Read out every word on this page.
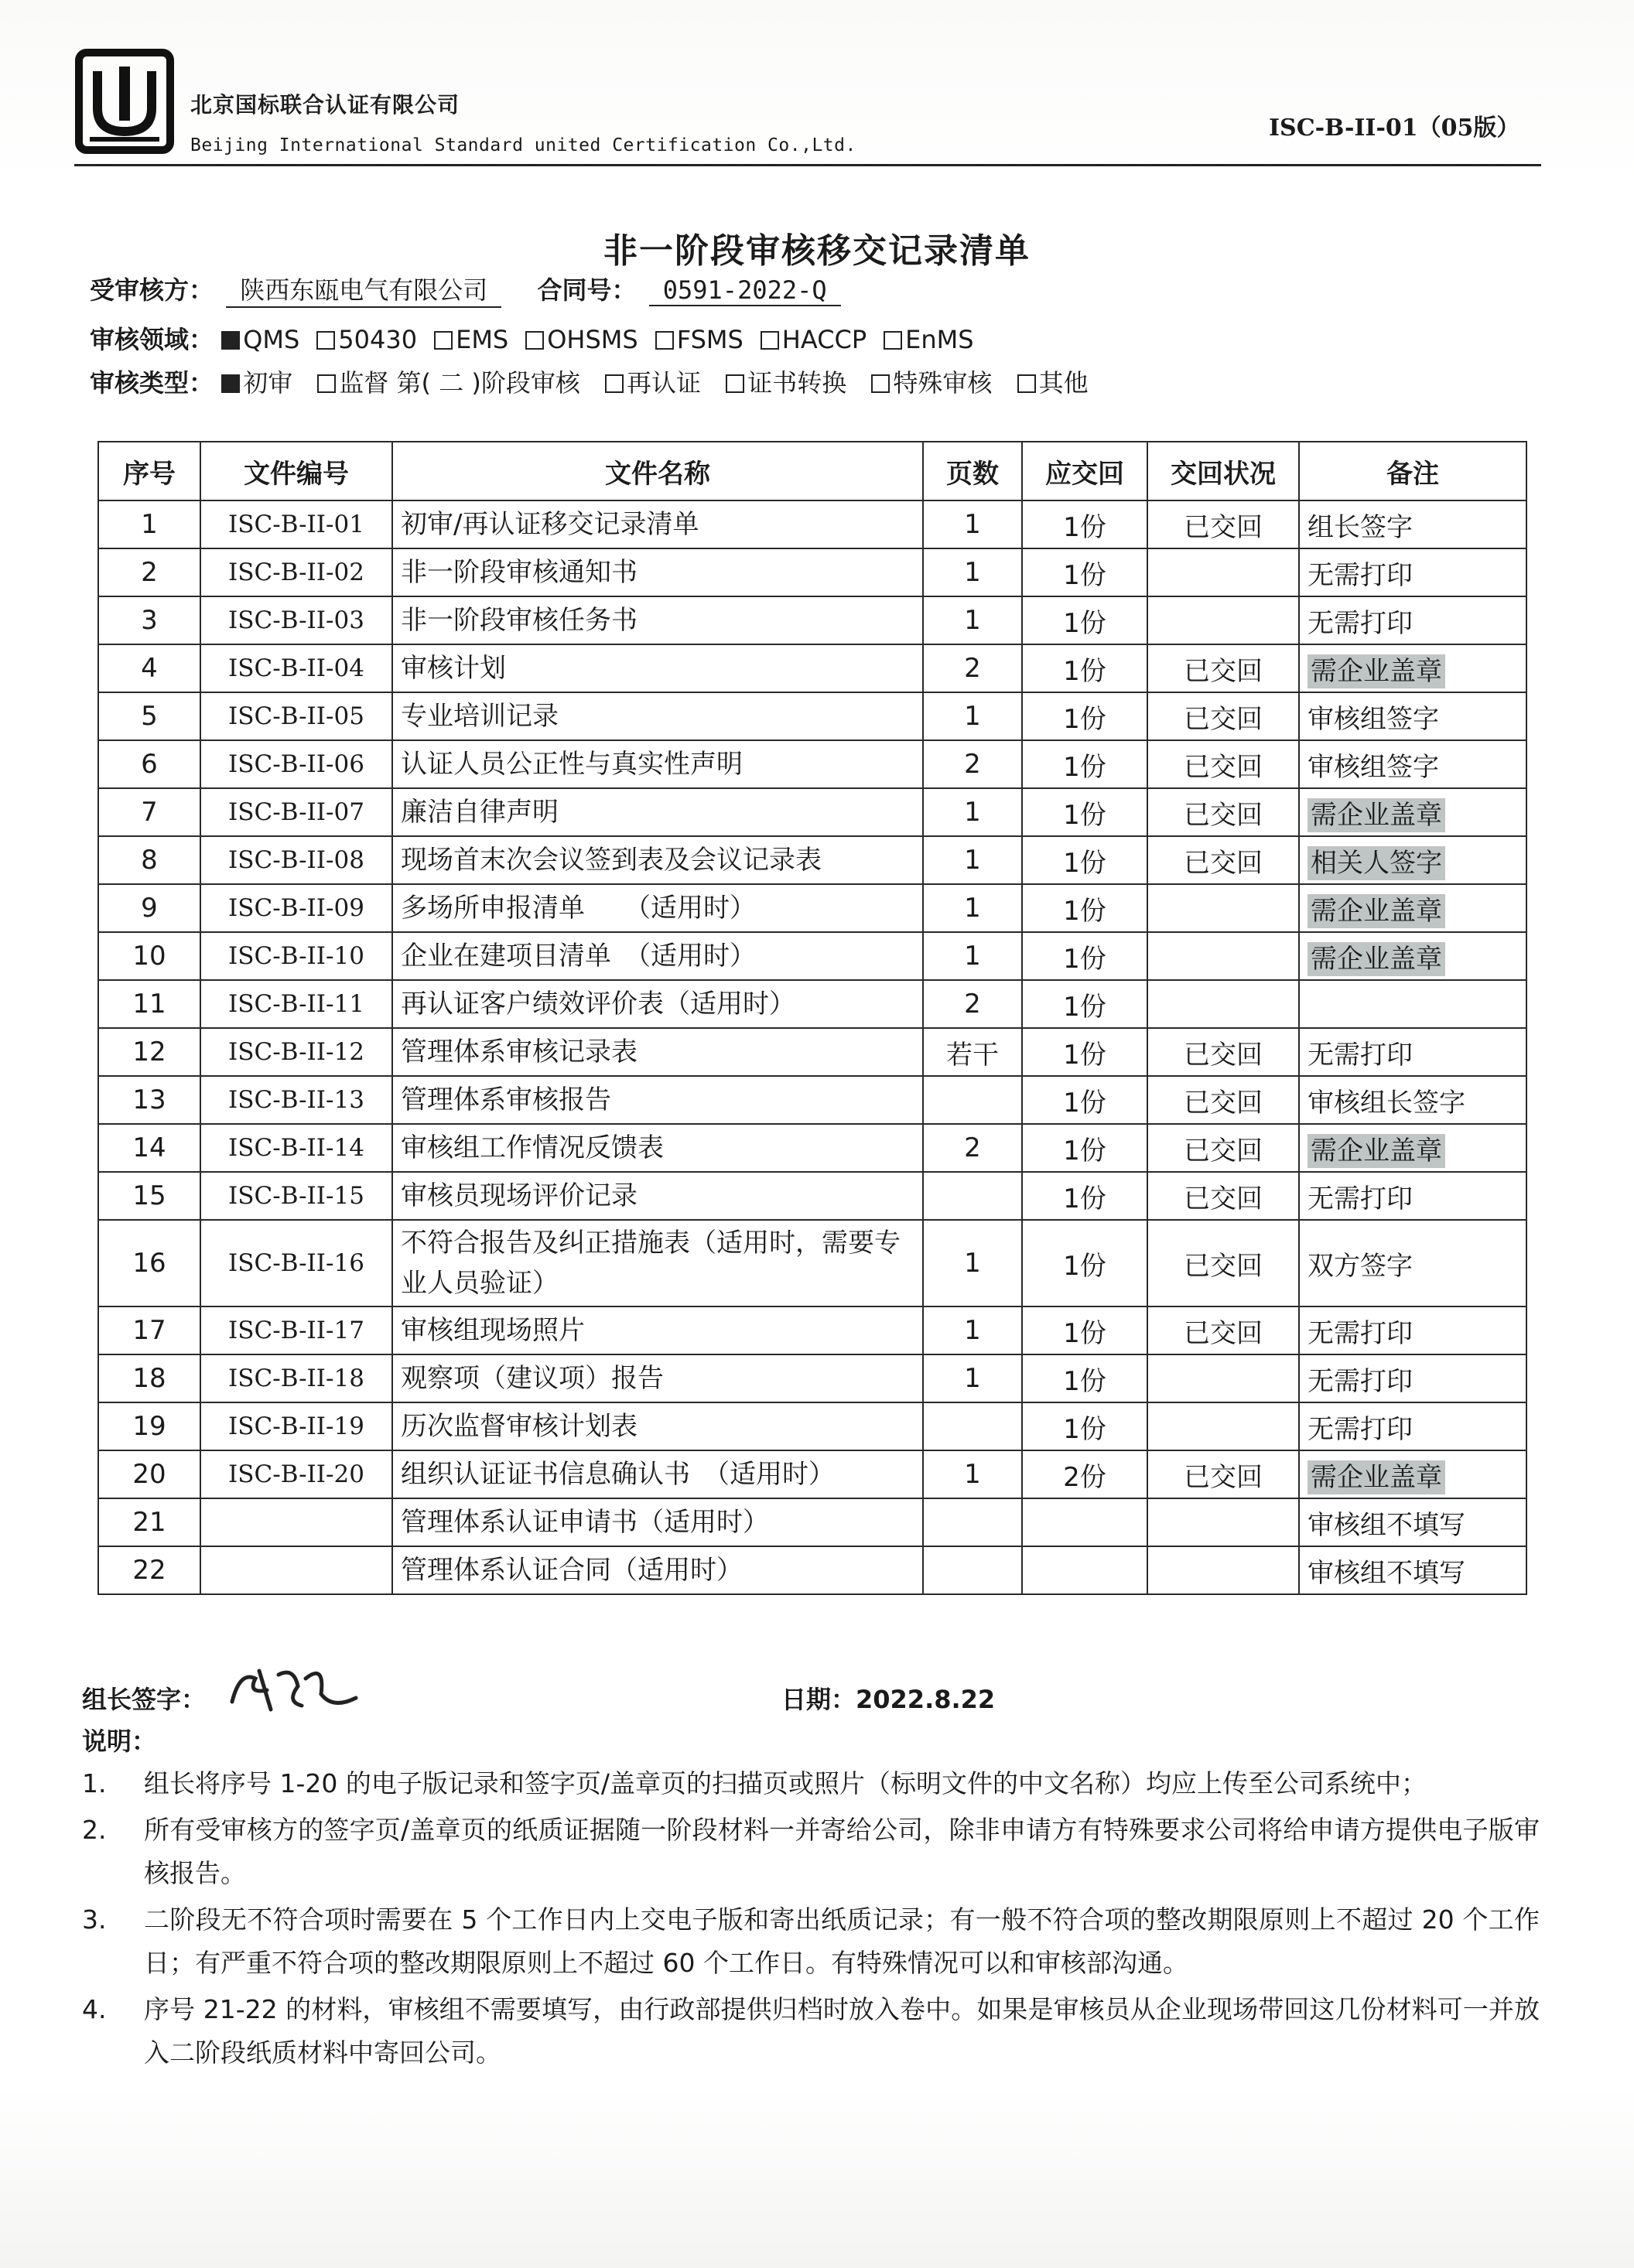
北京国标联合认证有限公司
Beijing International Standard united Certification Co.,Ltd.
ISC-B-II-01（05版）
非一阶段审核移交记录清单
受审核方： 陕西东瓯电气有限公司 合同号： 0591-2022-Q
审核领域： QMS 50430 EMS OHSMS FSMS HACCP EnMS
审核类型： 初审 监督 第( 二 )阶段审核 再认证 证书转换 特殊审核 其他
序号	文件编号	文件名称	页数	应交回	交回状况	备注
1	ISC-B-II-01	初审/再认证移交记录清单	1	1份	已交回	组长签字
2	ISC-B-II-02	非一阶段审核通知书	1	1份		无需打印
3	ISC-B-II-03	非一阶段审核任务书	1	1份		无需打印
4	ISC-B-II-04	审核计划	2	1份	已交回	需企业盖章
5	ISC-B-II-05	专业培训记录	1	1份	已交回	审核组签字
6	ISC-B-II-06	认证人员公正性与真实性声明	2	1份	已交回	审核组签字
7	ISC-B-II-07	廉洁自律声明	1	1份	已交回	需企业盖章
8	ISC-B-II-08	现场首末次会议签到表及会议记录表	1	1份	已交回	相关人签字
9	ISC-B-II-09	多场所申报清单　　（适用时）	1	1份		需企业盖章
10	ISC-B-II-10	企业在建项目清单　（适用时）	1	1份		需企业盖章
11	ISC-B-II-11	再认证客户绩效评价表（适用时）	2	1份		
12	ISC-B-II-12	管理体系审核记录表	若干	1份	已交回	无需打印
13	ISC-B-II-13	管理体系审核报告		1份	已交回	审核组长签字
14	ISC-B-II-14	审核组工作情况反馈表	2	1份	已交回	需企业盖章
15	ISC-B-II-15	审核员现场评价记录		1份	已交回	无需打印
16	ISC-B-II-16	不符合报告及纠正措施表（适用时，需要专业人员验证）	1	1份	已交回	双方签字
17	ISC-B-II-17	审核组现场照片	1	1份	已交回	无需打印
18	ISC-B-II-18	观察项（建议项）报告	1	1份		无需打印
19	ISC-B-II-19	历次监督审核计划表		1份		无需打印
20	ISC-B-II-20	组织认证证书信息确认书　（适用时）	1	2份	已交回	需企业盖章
21		管理体系认证申请书（适用时）				审核组不填写
22		管理体系认证合同（适用时）				审核组不填写
组长签字：	日期：2022.8.22
说明：
1.	组长将序号 1-20 的电子版记录和签字页/盖章页的扫描页或照片（标明文件的中文名称）均应上传至公司系统中；
2.	所有受审核方的签字页/盖章页的纸质证据随一阶段材料一并寄给公司，除非申请方有特殊要求公司将给申请方提供电子版审核报告。
3.	二阶段无不符合项时需要在 5 个工作日内上交电子版和寄出纸质记录；有一般不符合项的整改期限原则上不超过 20 个工作日；有严重不符合项的整改期限原则上不超过 60 个工作日。有特殊情况可以和审核部沟通。
4.	序号 21-22 的材料，审核组不需要填写，由行政部提供归档时放入卷中。如果是审核员从企业现场带回这几份材料可一并放入二阶段纸质材料中寄回公司。
